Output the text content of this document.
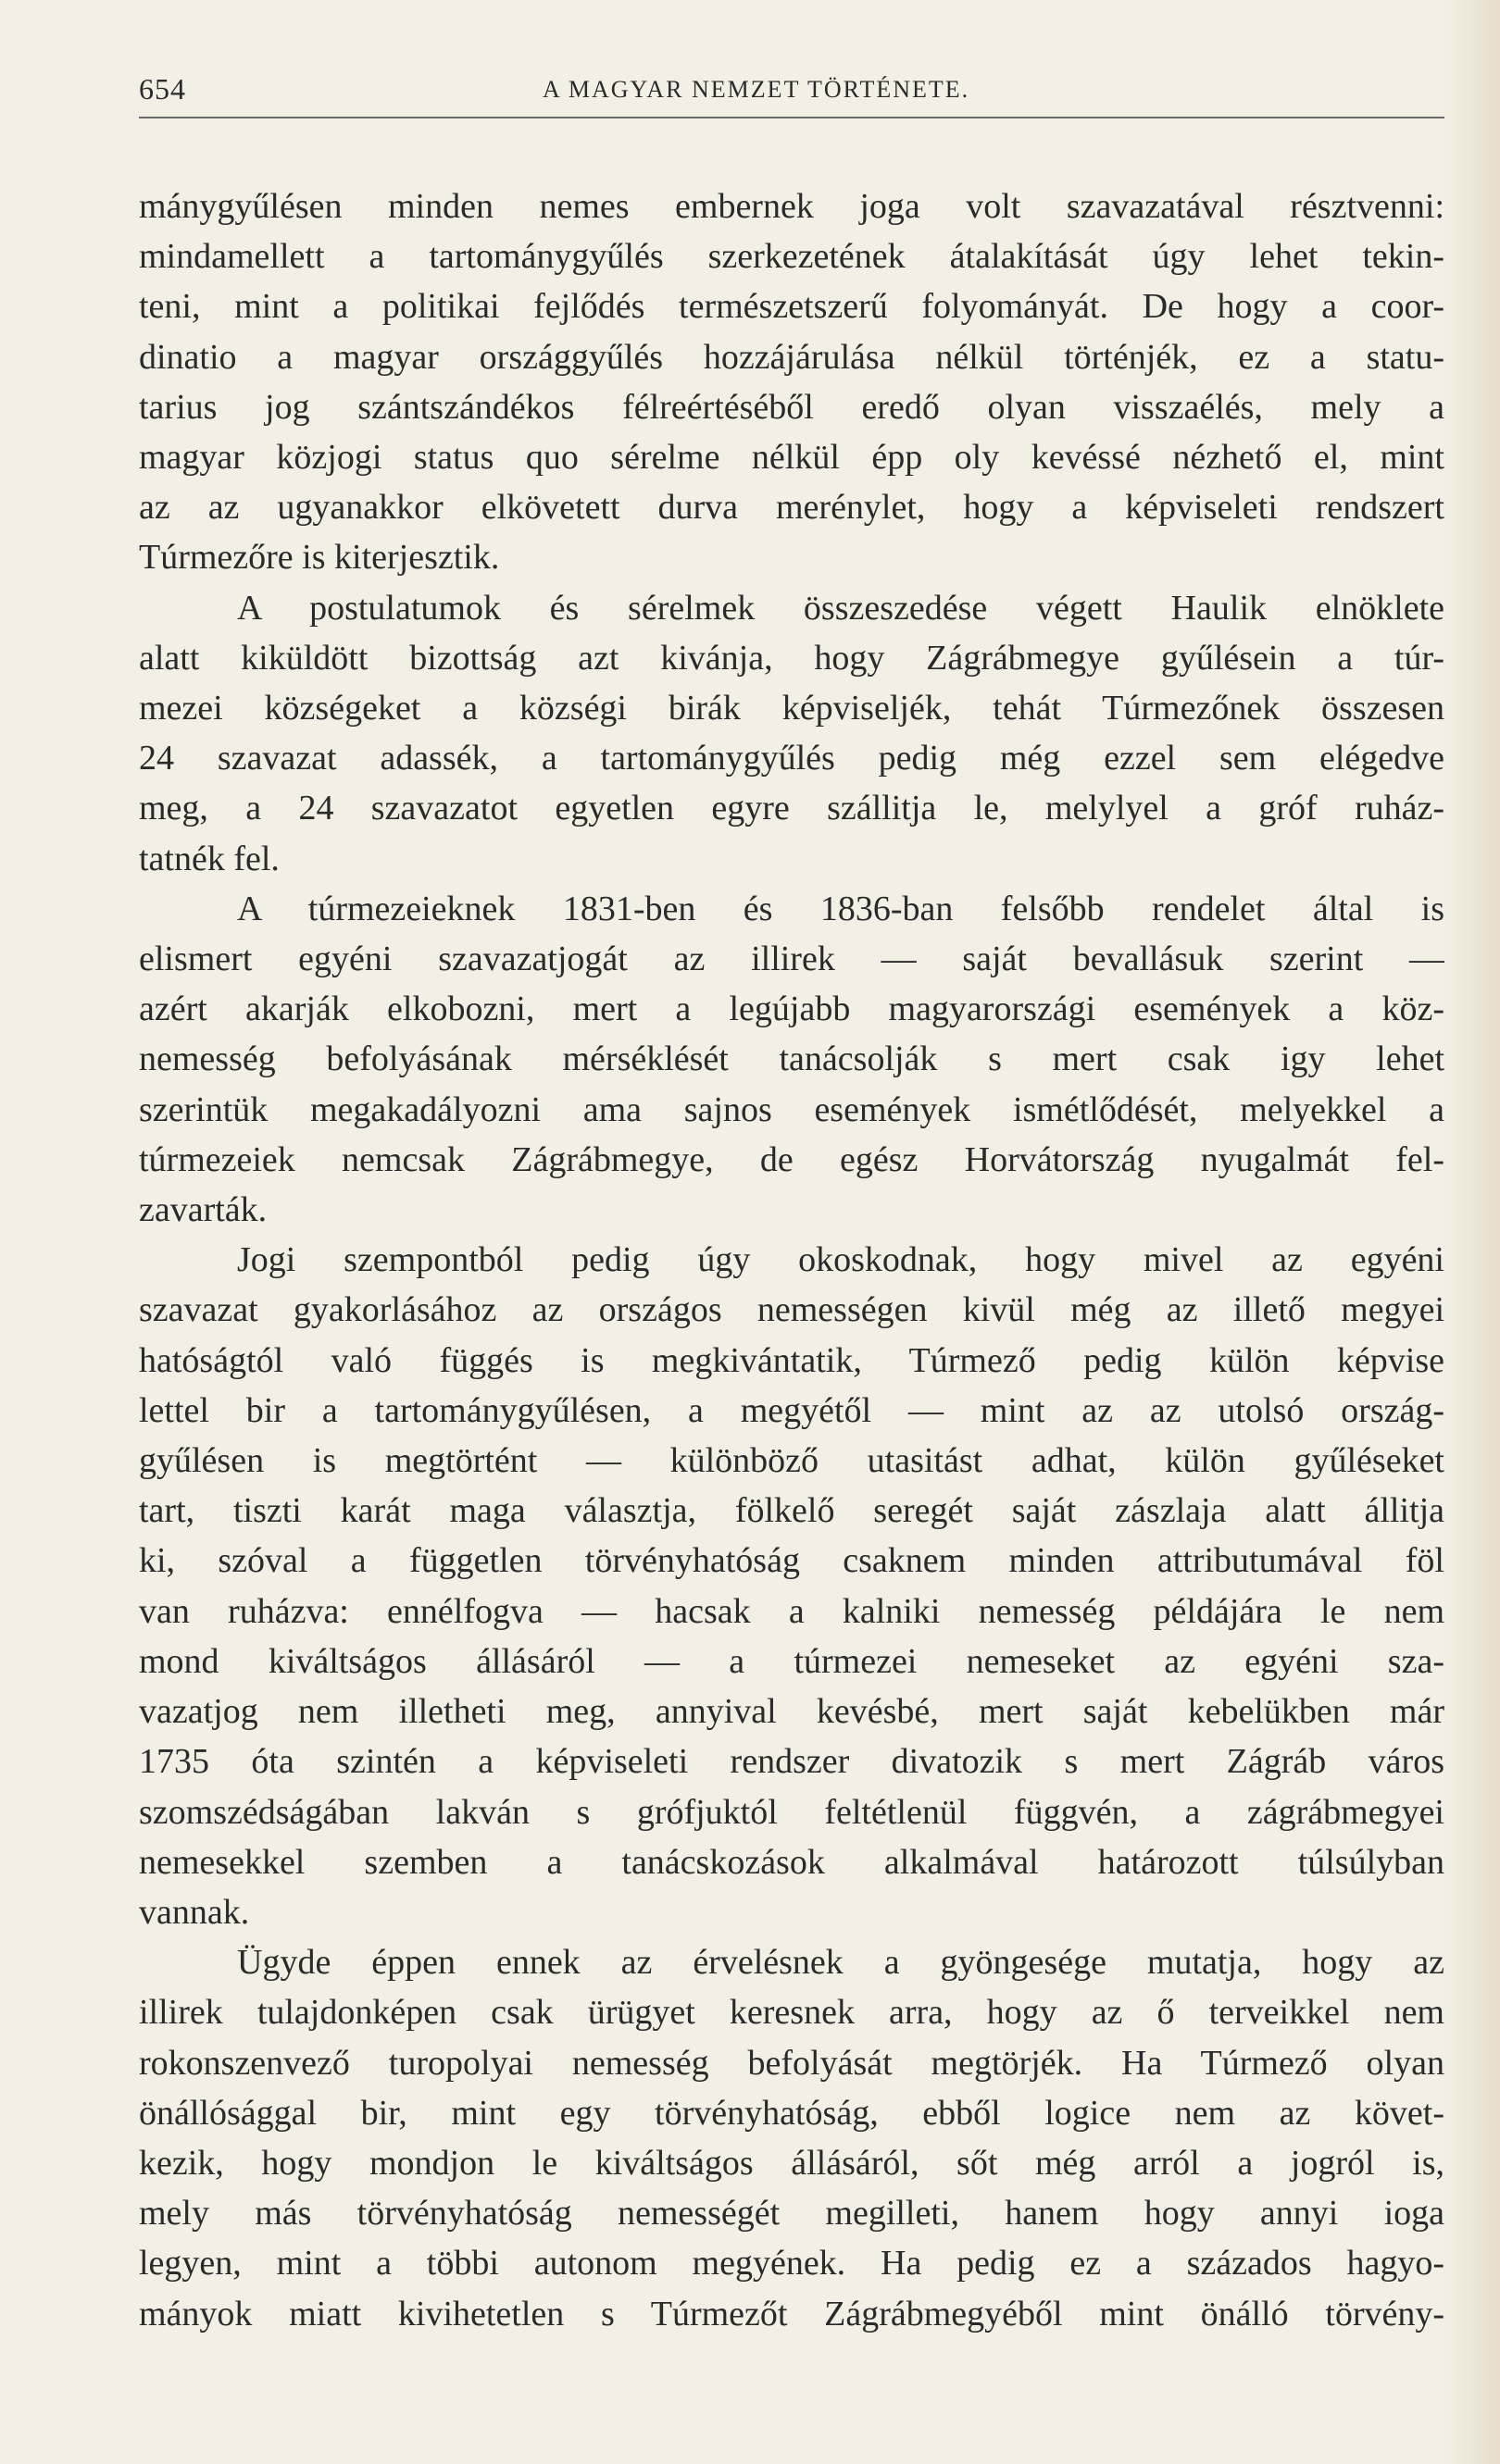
654	A MAGYAR NEMZET TÖRTÉNETE.
mánygyűlésen minden nemes embernek joga volt szavazatával résztvenni:
mindamellett a tartománygyűlés szerkezetének átalakítását úgy lehet tekin-
teni, mint a politikai fejlődés természetszerű folyományát. De hogy a coor-
dinatio a magyar országgyűlés hozzájárulása nélkül történjék, ez a statu-
tarius jog szántszándékos félreértéséből eredő olyan visszaélés, mely a
magyar közjogi status quo sérelme nélkül épp oly kevéssé nézhető el, mint
az az ugyanakkor elkövetett durva merénylet, hogy a képviseleti rendszert
Túrmezőre is kiterjesztik.
A postulatumok és sérelmek összeszedése végett Haulik elnöklete
alatt kiküldött bizottság azt kivánja, hogy Zágrábmegye gyűlésein a túr-
mezei községeket a községi birák képviseljék, tehát Túrmezőnek összesen
24 szavazat adassék, a tartománygyűlés pedig még ezzel sem elégedve
meg, a 24 szavazatot egyetlen egyre szállitja le, melylyel a gróf ruház-
tatnék fel.
A túrmezeieknek 1831-ben és 1836-ban felsőbb rendelet által is
elismert egyéni szavazatjogát az illirek — saját bevallásuk szerint —
azért akarják elkobozni, mert a legújabb magyarországi események a köz-
nemesség befolyásának mérséklését tanácsolják s mert csak igy lehet
szerintük megakadályozni ama sajnos események ismétlődését, melyekkel a
túrmezeiek nemcsak Zágrábmegye, de egész Horvátország nyugalmát fel-
zavarták.
Jogi szempontból pedig úgy okoskodnak, hogy mivel az egyéni
szavazat gyakorlásához az országos nemességen kivül még az illető megyei
hatóságtól való függés is megkivántatik, Túrmező pedig külön képvise
lettel bir a tartománygyűlésen, a megyétől — mint az az utolsó ország-
gyűlésen is megtörtént — különböző utasitást adhat, külön gyűléseket
tart, tiszti karát maga választja, fölkelő seregét saját zászlaja alatt állitja
ki, szóval a független törvényhatóság csaknem minden attributumával föl
van ruházva: ennélfogva — hacsak a kalniki nemesség példájára le nem
mond kiváltságos állásáról — a túrmezei nemeseket az egyéni sza-
vazatjog nem illetheti meg, annyival kevésbé, mert saját kebelükben már
1735 óta szintén a képviseleti rendszer divatozik s mert Zágráb város
szomszédságában lakván s grófjuktól feltétlenül függvén, a zágrábmegyei
nemesekkel szemben a tanácskozások alkalmával határozott túlsúlyban
vannak.
Ügyde éppen ennek az érvelésnek a gyöngesége mutatja, hogy az
illirek tulajdonképen csak ürügyet keresnek arra, hogy az ő terveikkel nem
rokonszenvező turopolyai nemesség befolyását megtörjék. Ha Túrmező olyan
önállósággal bir, mint egy törvényhatóság, ebből logice nem az követ-
kezik, hogy mondjon le kiváltságos állásáról, sőt még arról a jogról is,
mely más törvényhatóság nemességét megilleti, hanem hogy annyi ioga
legyen, mint a többi autonom megyének. Ha pedig ez a százados hagyo-
mányok miatt kivihetetlen s Túrmezőt Zágrábmegyéből mint önálló törvény-
